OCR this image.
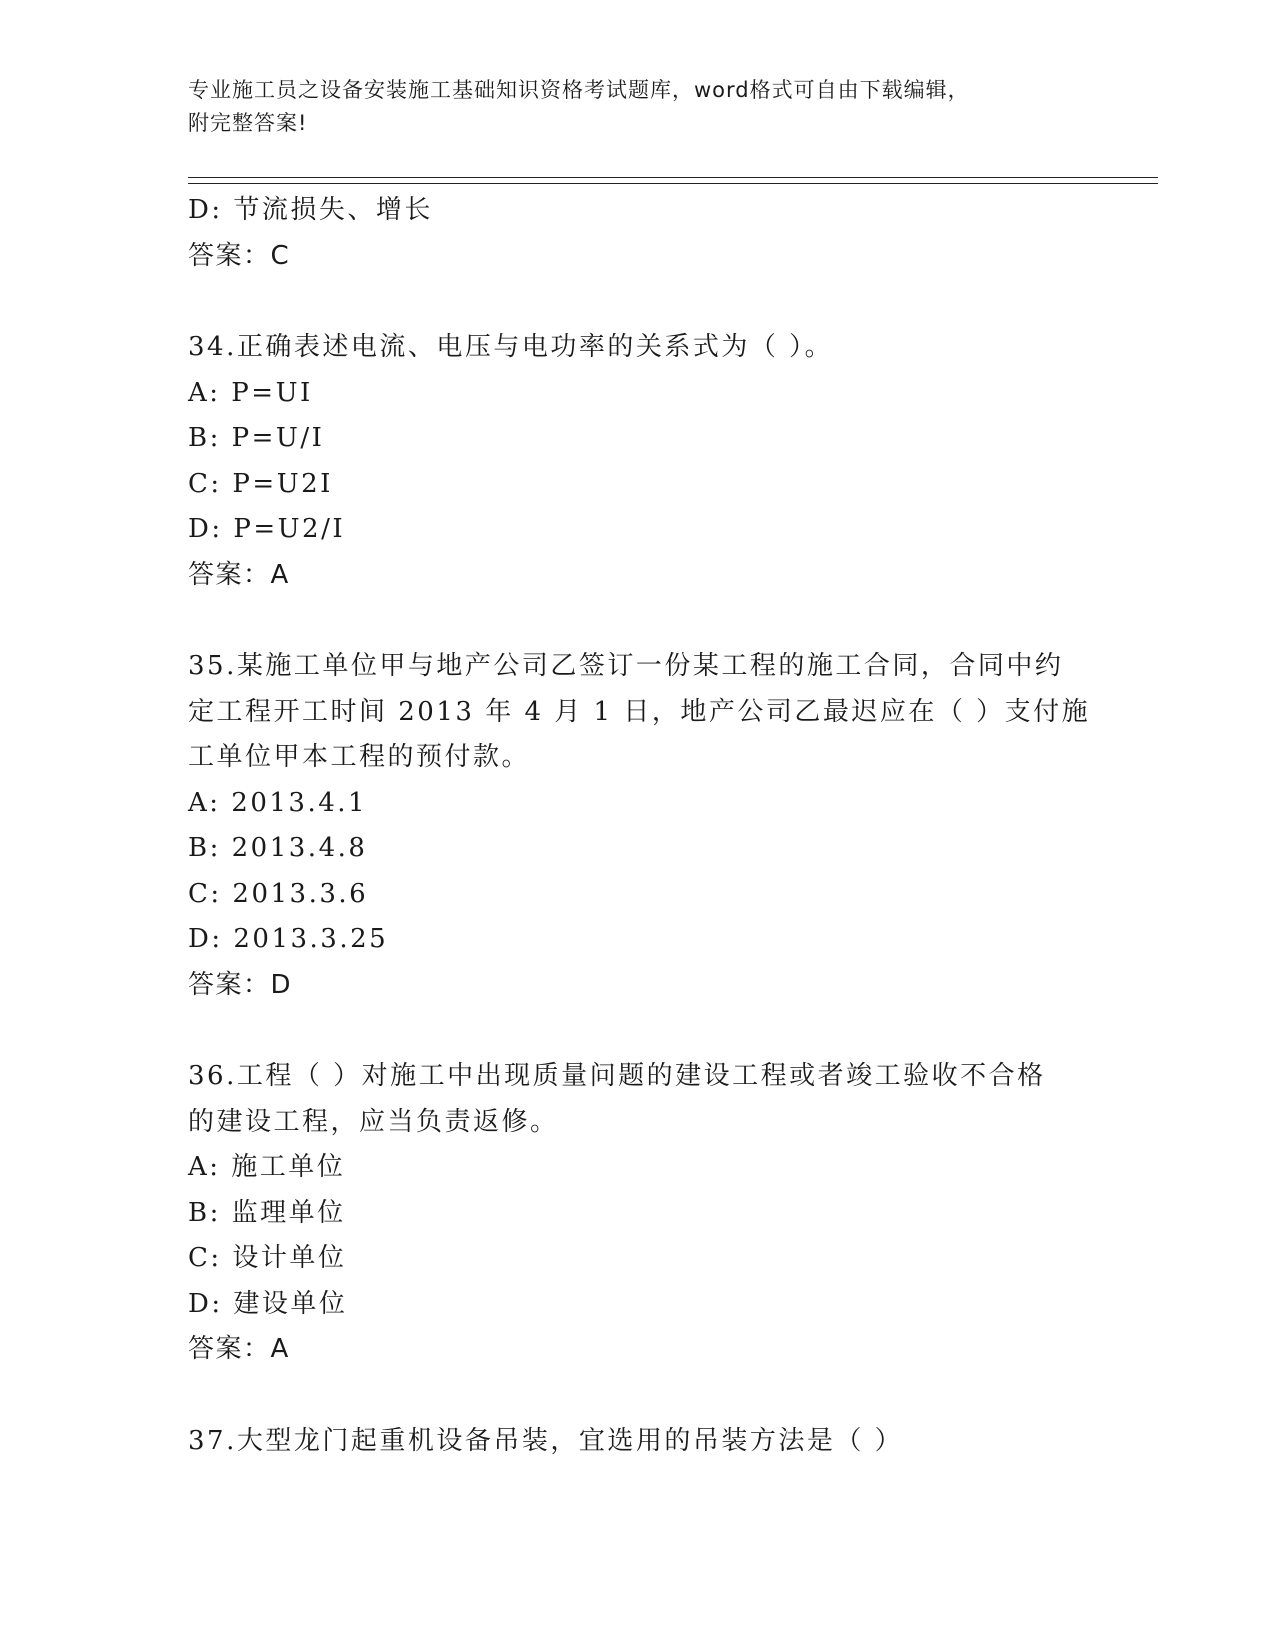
专业施工员之设备安装施工基础知识资格考试题库，word格式可自由下载编辑，
附完整答案!
D: 节流损失、增长
答案：C
34.正确表述电流、电压与电功率的关系式为（ ）。
A: P=UI
B: P=U/I
C: P=U2I
D: P=U2/I
答案：A
35.某施工单位甲与地产公司乙签订一份某工程的施工合同，合同中约
定工程开工时间 2013 年 4 月 1 日，地产公司乙最迟应在（ ）支付施
工单位甲本工程的预付款。
A: 2013.4.1
B: 2013.4.8
C: 2013.3.6
D: 2013.3.25
答案：D
36.工程（ ）对施工中出现质量问题的建设工程或者竣工验收不合格
的建设工程，应当负责返修。
A: 施工单位
B: 监理单位
C: 设计单位
D: 建设单位
答案：A
37.大型龙门起重机设备吊装，宜选用的吊装方法是（ ）
